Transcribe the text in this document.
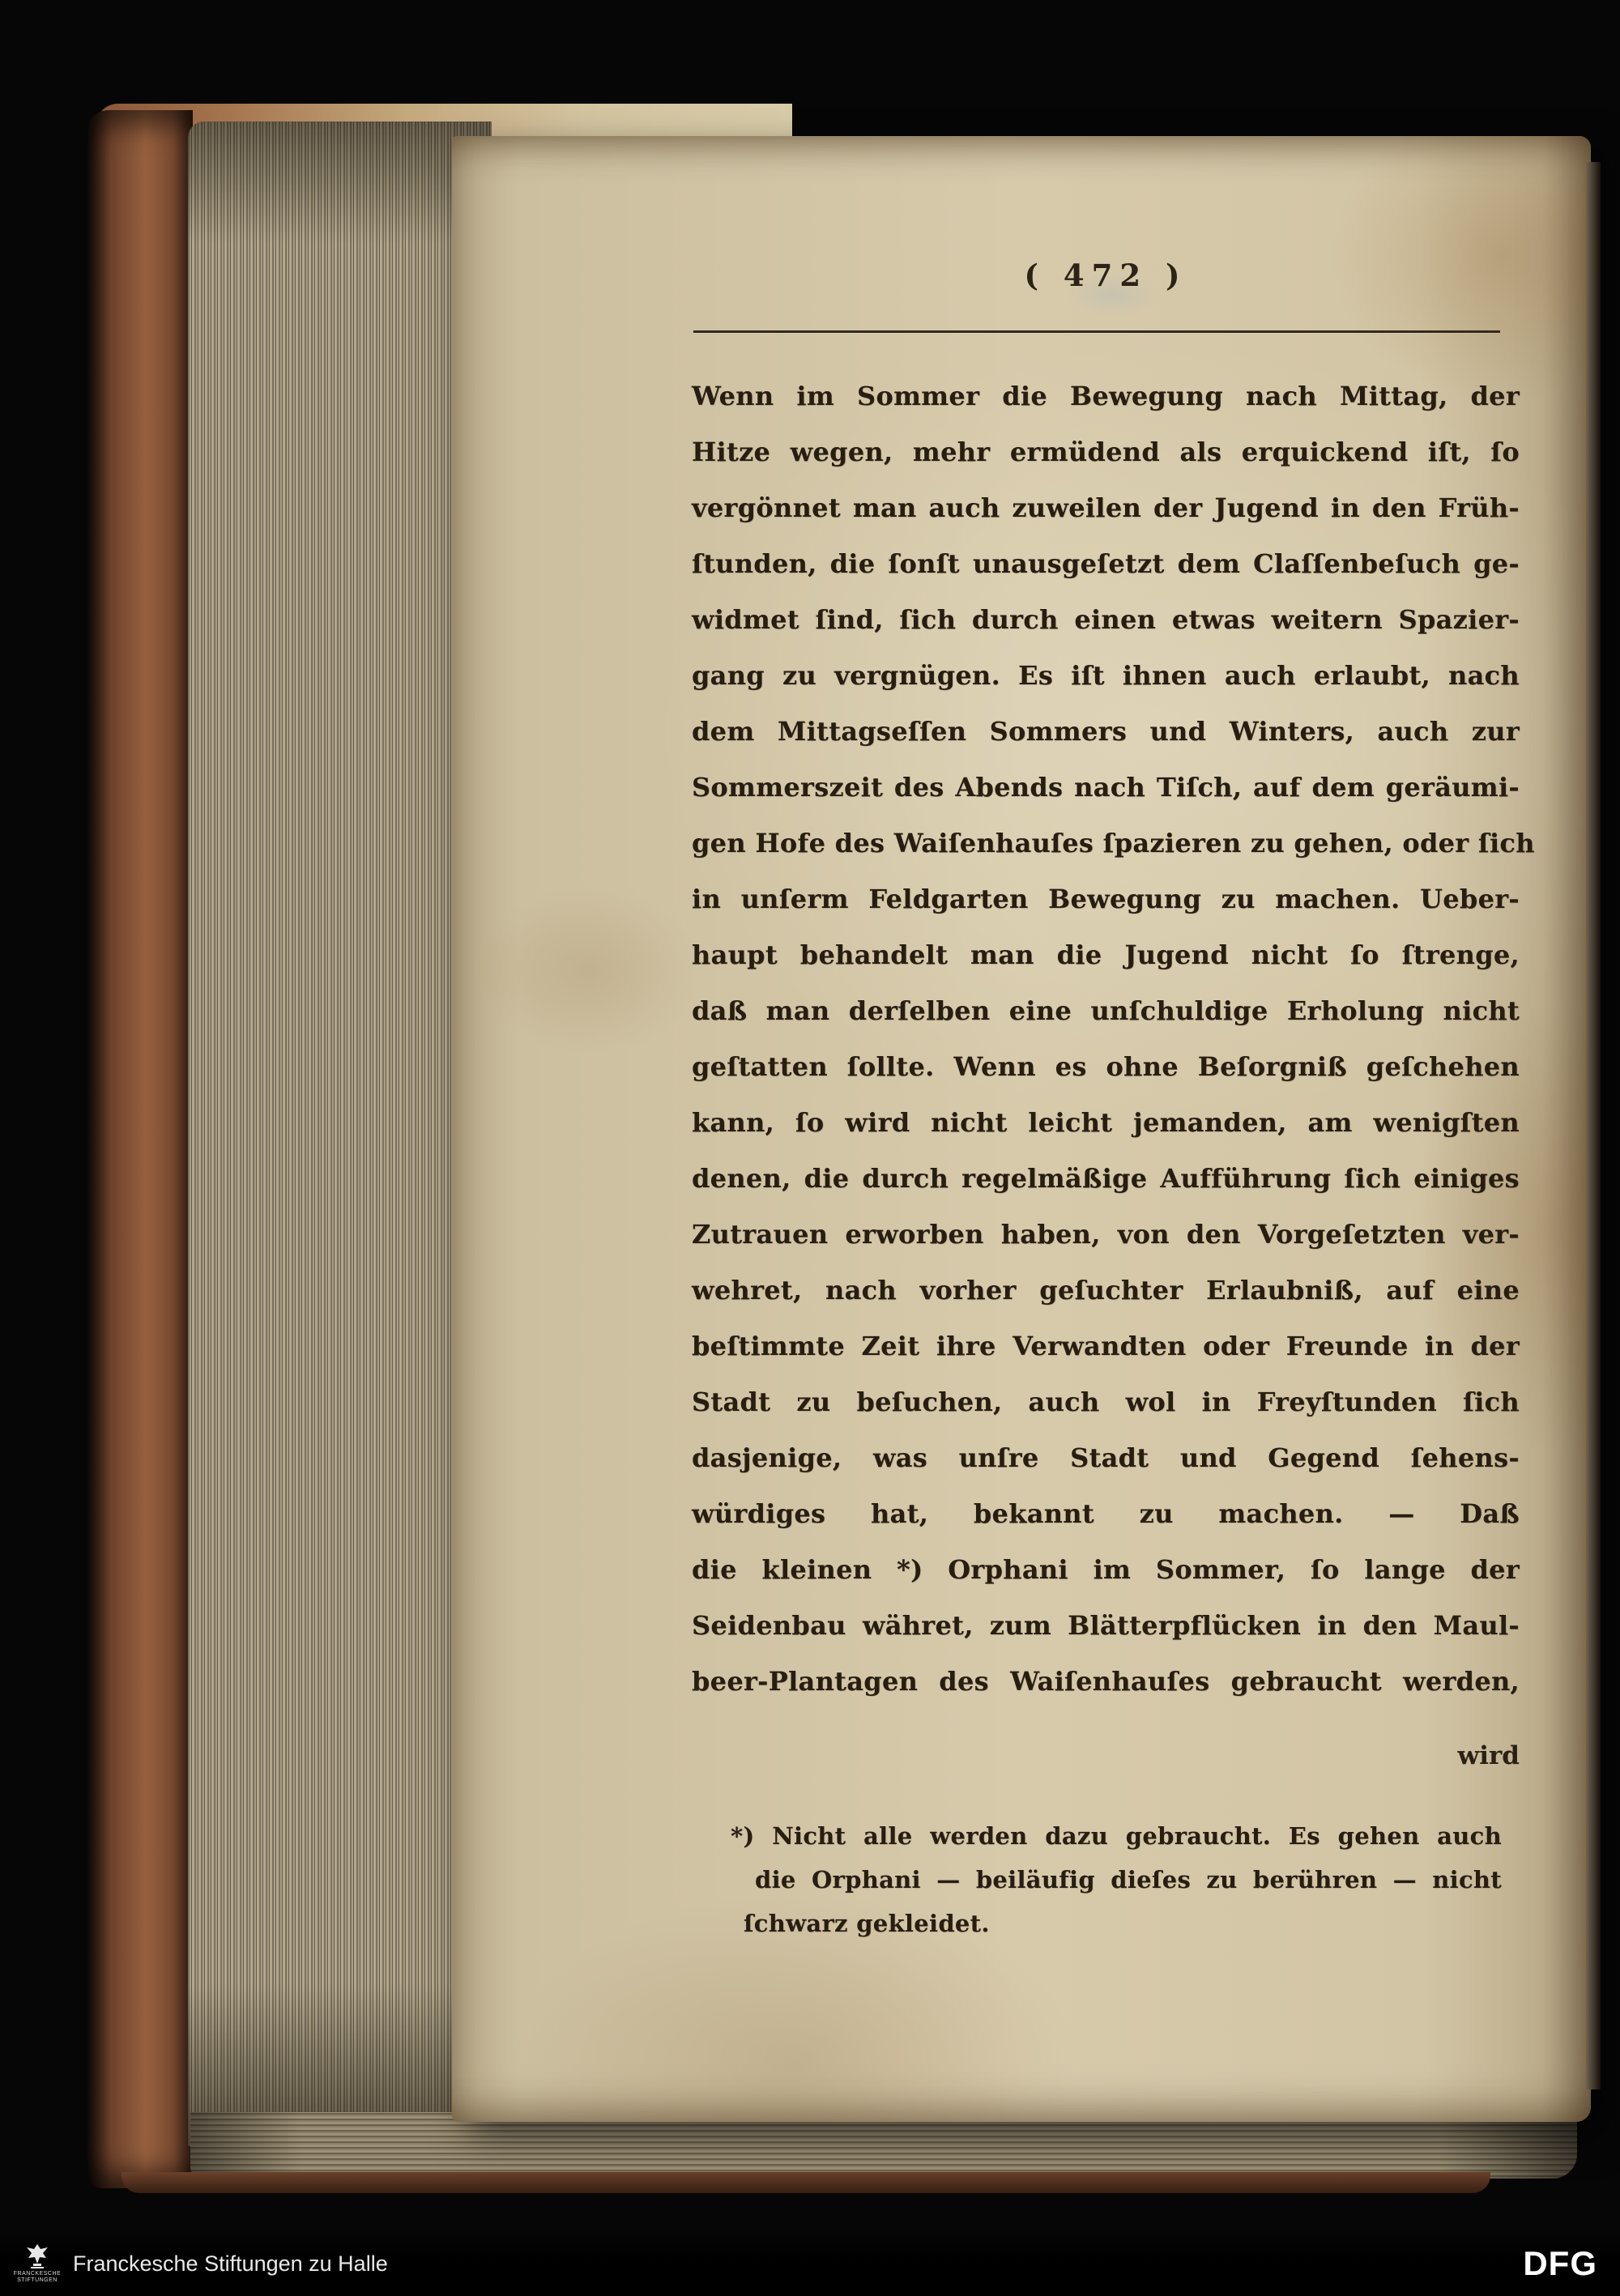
( 472 )
Wenn im Sommer die Bewegung nach Mittag, der
Hitze wegen, mehr ermüdend als erquickend iſt, ſo
vergönnet man auch zuweilen der Jugend in den Früh-
ſtunden, die ſonſt unausgeſetzt dem Claſſenbeſuch ge-
widmet ſind, ſich durch einen etwas weitern Spazier-
gang zu vergnügen. Es iſt ihnen auch erlaubt, nach
dem Mittagseſſen Sommers und Winters, auch zur
Sommerszeit des Abends nach Tiſch, auf dem geräumi-
gen Hofe des Waiſenhauſes ſpazieren zu gehen, oder ſich
in unſerm Feldgarten Bewegung zu machen. Ueber-
haupt behandelt man die Jugend nicht ſo ſtrenge,
daß man derſelben eine unſchuldige Erholung nicht
geſtatten ſollte. Wenn es ohne Beſorgniß geſchehen
kann, ſo wird nicht leicht jemanden, am wenigſten
denen, die durch regelmäßige Aufführung ſich einiges
Zutrauen erworben haben, von den Vorgeſetzten ver-
wehret, nach vorher geſuchter Erlaubniß, auf eine
beſtimmte Zeit ihre Verwandten oder Freunde in der
Stadt zu beſuchen, auch wol in Freyſtunden ſich
dasjenige, was unſre Stadt und Gegend ſehens-
würdiges hat, bekannt zu machen. — Daß
die kleinen *) Orphani im Sommer, ſo lange der
Seidenbau währet, zum Blätterpflücken in den Maul-
beer-Plantagen des Waiſenhauſes gebraucht werden,
wird
*) Nicht alle werden dazu gebraucht. Es gehen auch
die Orphani — beiläufig dieſes zu berühren — nicht
ſchwarz gekleidet.
FRANCKESCHE STIFTUNGEN
Franckesche Stiftungen zu Halle	DFG
